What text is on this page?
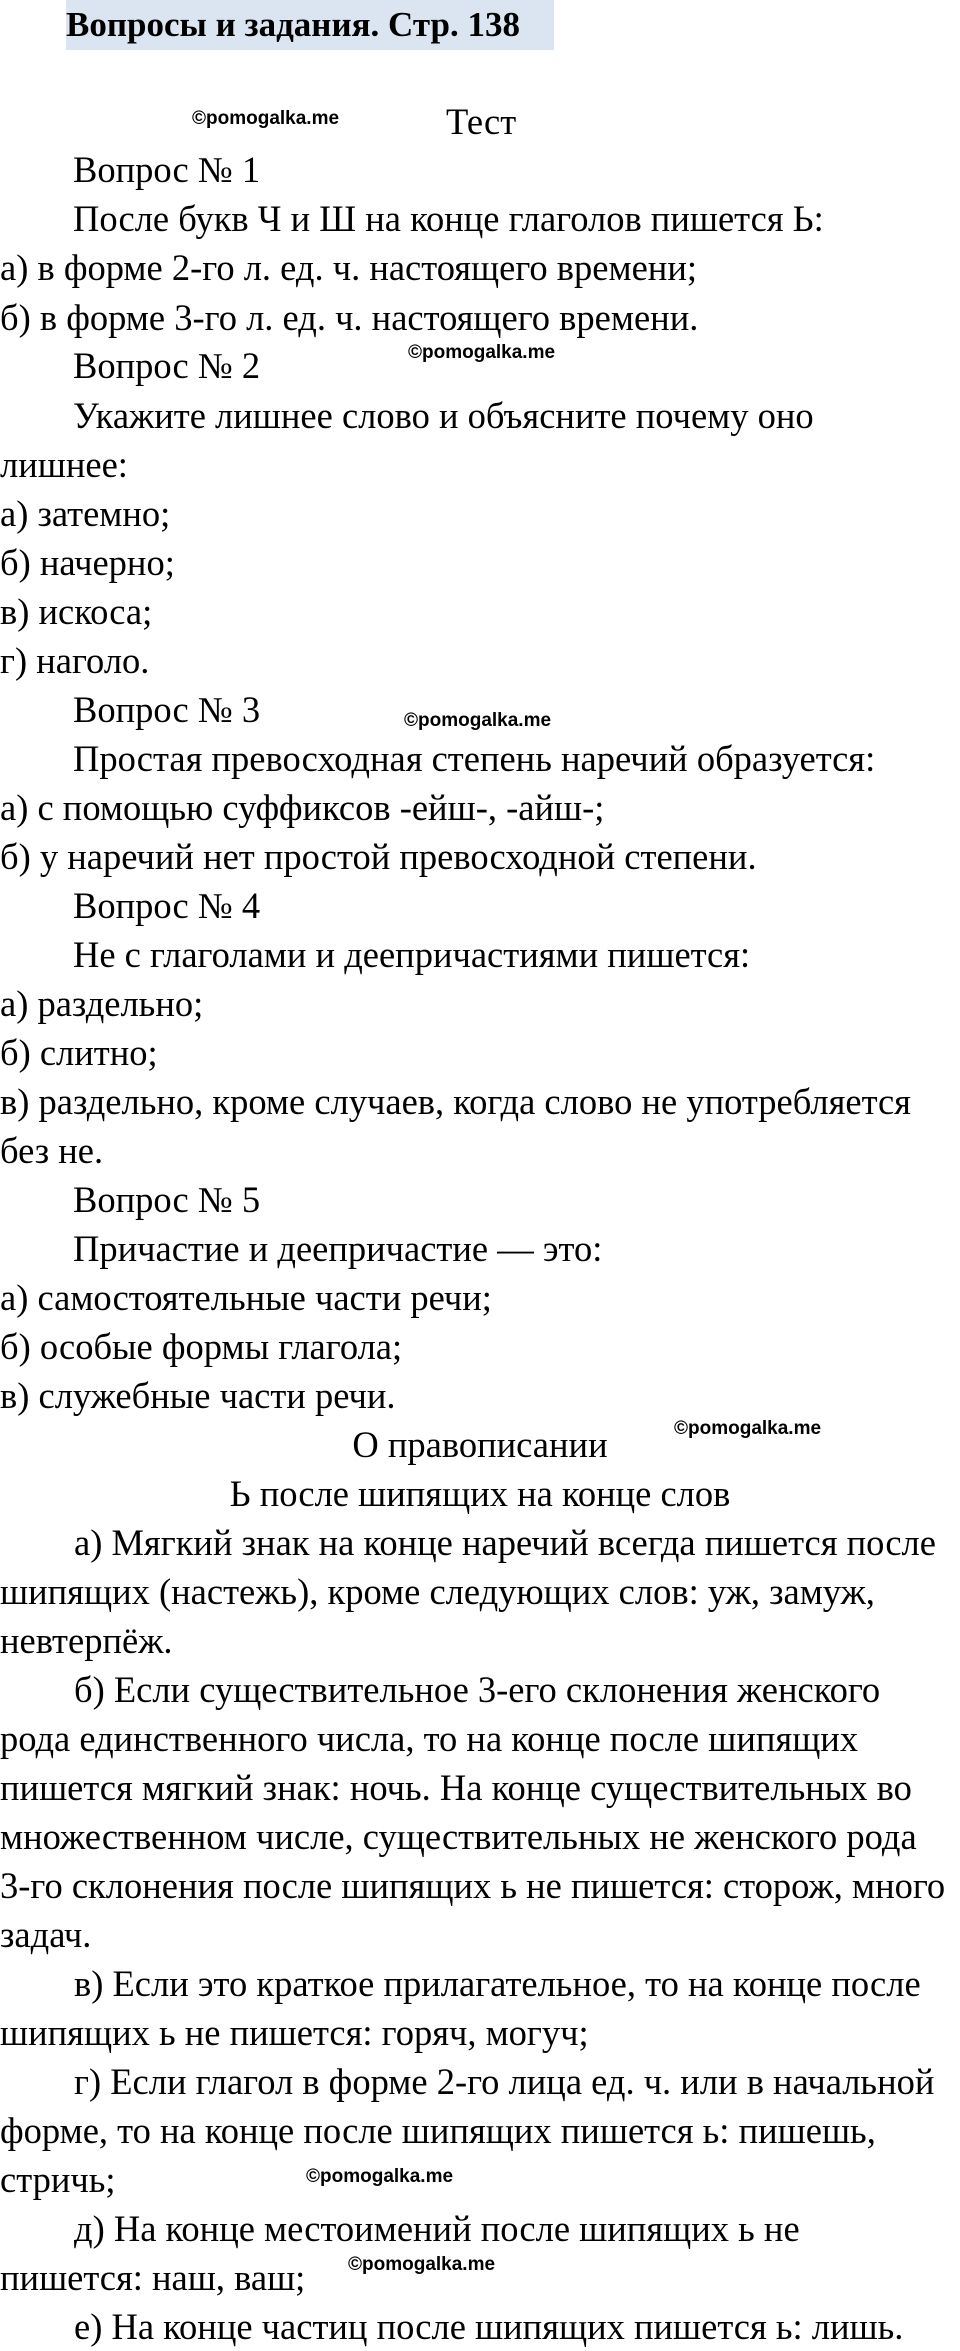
Вопросы и задания. Стр. 138
©pomogalka.me	Тест
Вопрос № 1
После букв Ч и Ш на конце глаголов пишется Ь:
а) в форме 2-го л. ед. ч. настоящего времени;
б) в форме 3-го л. ед. ч. настоящего времени.
Вопрос № 2	©pomogalka.me
Укажите лишнее слово и объясните почему оно
лишнее:
а) затемно;
б) начерно;
в) искоса;
г) наголо.
Вопрос № 3	©pomogalka.me
Простая превосходная степень наречий образуется:
а) с помощью суффиксов -ейш-, -айш-;
б) у наречий нет простой превосходной степени.
Вопрос № 4
Не с глаголами и деепричастиями пишется:
а) раздельно;
б) слитно;
в) раздельно, кроме случаев, когда слово не употребляется
без не.
Вопрос № 5
Причастие и деепричастие — это:
а) самостоятельные части речи;
б) особые формы глагола;
в) служебные части речи.
©pomogalka.me
О правописании
Ь после шипящих на конце слов
а) Мягкий знак на конце наречий всегда пишется после
шипящих (настежь), кроме следующих слов: уж, замуж,
невтерпёж.
б) Если существительное 3-его склонения женского
рода единственного числа, то на конце после шипящих
пишется мягкий знак: ночь. На конце существительных во
множественном числе, существительных не женского рода
3-го склонения после шипящих ь не пишется: сторож, много
задач.
в) Если это краткое прилагательное, то на конце после
шипящих ь не пишется: горяч, могуч;
г) Если глагол в форме 2-го лица ед. ч. или в начальной
форме, то на конце после шипящих пишется ь: пишешь,
стричь;	©pomogalka.me
д) На конце местоимений после шипящих ь не
©pomogalka.me
пишется: наш, ваш;
е) На конце частиц после шипящих пишется ь: лишь.
